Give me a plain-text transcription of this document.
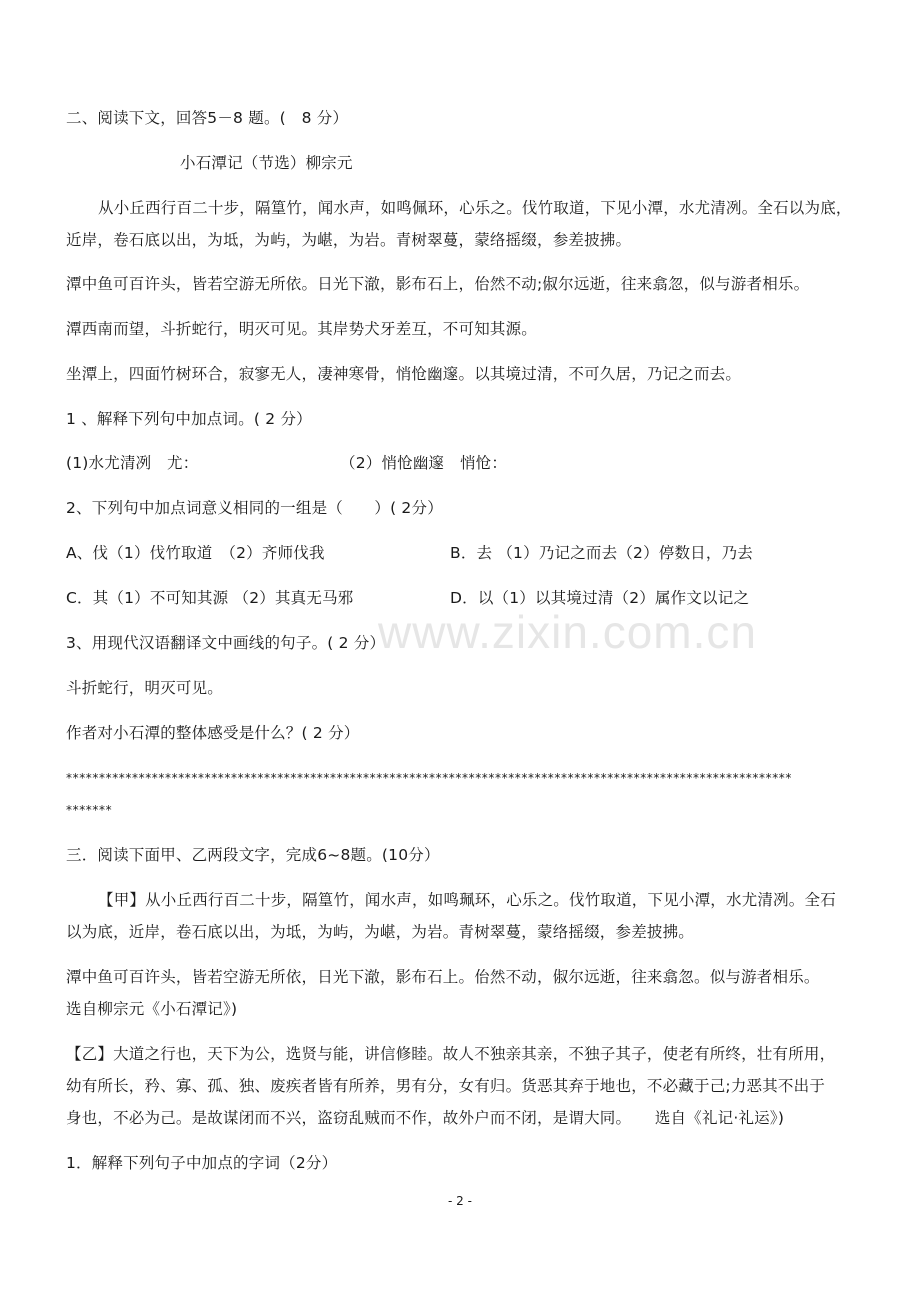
二、阅读下文，回答5－8 题。(　8 分）
小石潭记（节选）柳宗元
从小丘西行百二十步，隔篁竹，闻水声，如鸣佩环，心乐之。伐竹取道，下见小潭，水尤清冽。全石以为底，
近岸，卷石底以出，为坻，为屿，为嵁，为岩。青树翠蔓，蒙络摇缀，参差披拂。
潭中鱼可百许头，皆若空游无所依。日光下澈，影布石上，佁然不动;俶尔远逝，往来翕忽，似与游者相乐。
潭西南而望，斗折蛇行，明灭可见。其岸势犬牙差互，不可知其源。
坐潭上，四面竹树环合，寂寥无人，凄神寒骨，悄怆幽邃。以其境过清，不可久居，乃记之而去。
1 、解释下列句中加点词。( 2 分）
(1)水尤清冽　尤：	（2）悄怆幽邃　悄怆：
2、下列句中加点词意义相同的一组是（　　）( 2分）
A、伐（1）伐竹取道　（2）齐师伐我	B．去 （1）乃记之而去（2）停数日，乃去
C．其（1）不可知其源 （2）其真无马邪	D．以（1）以其境过清（2）属作文以记之
3、用现代汉语翻译文中画线的句子。( 2 分）
斗折蛇行，明灭可见。
作者对小石潭的整体感受是什么？( 2 分）
**************************************************************************************************************
*******
三．阅读下面甲、乙两段文字，完成6~8题。(10分）
【甲】从小丘西行百二十步，隔篁竹，闻水声，如鸣珮环，心乐之。伐竹取道，下见小潭，水尤清冽。全石
以为底，近岸，卷石底以出，为坻，为屿，为嵁，为岩。青树翠蔓，蒙络摇缀，参差披拂。
潭中鱼可百许头，皆若空游无所依，日光下澈，影布石上。佁然不动，俶尔远逝，往来翕忽。似与游者相乐。
选自柳宗元《小石潭记》)
【乙】大道之行也，天下为公，选贤与能，讲信修睦。故人不独亲其亲，不独子其子，使老有所终，壮有所用，
幼有所长，矜、寡、孤、独、废疾者皆有所养，男有分，女有归。货恶其弃于地也，不必藏于己;力恶其不出于
身也，不必为己。是故谋闭而不兴，盗窃乱贼而不作，故外户而不闭，是谓大同。　　选自《礼记·礼运》)
1．解释下列句子中加点的字词（2分）
www.zixin.com.cn
- 2 -
